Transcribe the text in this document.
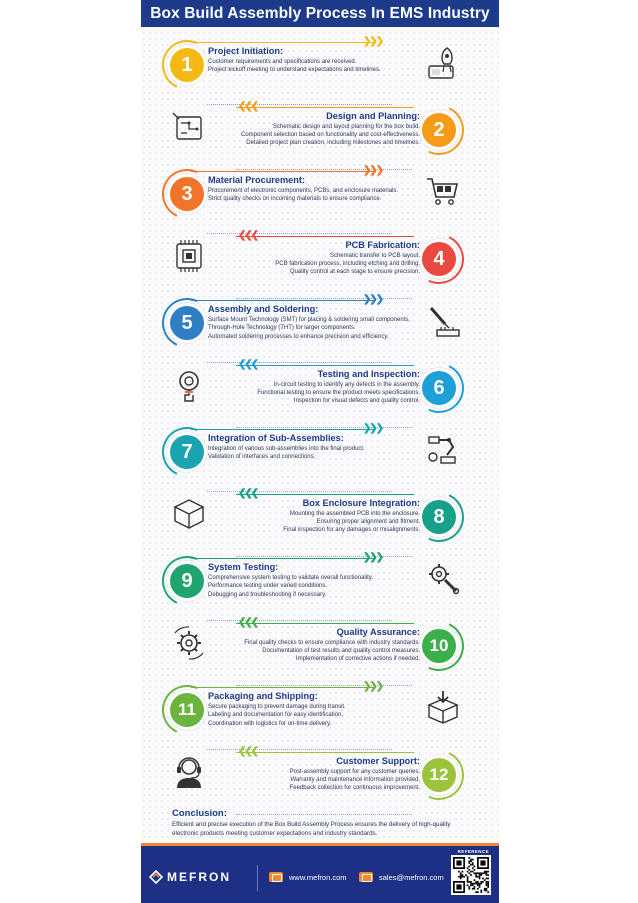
Box Build Assembly Process In EMS Industry
❯❯❯
1
Project Initiation:
Customer requirements and specifications are received.
Project kickoff meeting to understand expectations and timelines.
❮❮❮
2
Design and Planning:
Schematic design and layout planning for the box build.
Component selection based on functionality and cost-effectiveness.
Detailed project plan creation, including milestones and timelines.
❯❯❯
3
Material Procurement:
Procurement of electronic components, PCBs, and enclosure materials.
Strict quality checks on incoming materials to ensure compliance.
❮❮❮
4
PCB Fabrication:
Schematic transfer to PCB layout.
PCB fabrication process, including etching and drilling.
Quality control at each stage to ensure precision.
❯❯❯
5
Assembly and Soldering:
Surface Mount Technology (SMT) for placing & soldering small components.
Through-Hole Technology (THT) for larger components.
Automated soldering processes to enhance precision and efficiency.
❮❮❮
6
Testing and Inspection:
In-circuit testing to identify any defects in the assembly.
Functional testing to ensure the product meets specifications.
Inspection for visual defects and quality control.
❯❯❯
7
Integration of Sub-Assemblies:
Integration of various sub-assemblies into the final product.
Validation of interfaces and connections.
❮❮❮
8
Box Enclosure Integration:
Mounting the assembled PCB into the enclosure.
Ensuring proper alignment and fitment.
Final inspection for any damages or misalignments.
❯❯❯
9
System Testing:
Comprehensive system testing to validate overall functionality.
Performance testing under varied conditions.
Debugging and troubleshooting if necessary.
❮❮❮
10
Quality Assurance:
Final quality checks to ensure compliance with industry standards.
Documentation of test results and quality control measures.
Implementation of corrective actions if needed.
❯❯❯
11
Packaging and Shipping:
Secure packaging to prevent damage during transit.
Labeling and documentation for easy identification.
Coordination with logistics for on-time delivery.
❮❮❮
12
Customer Support:
Post-assembly support for any customer queries.
Warranty and maintenance information provided.
Feedback collection for continuous improvement.
Conclusion:
Efficient and precise execution of the Box Build Assembly Process ensures the delivery of high-quality electronic products meeting customer expectations and industry standards.
MEFRON	www.mefron.com	sales@mefron.com
REFERENCE
